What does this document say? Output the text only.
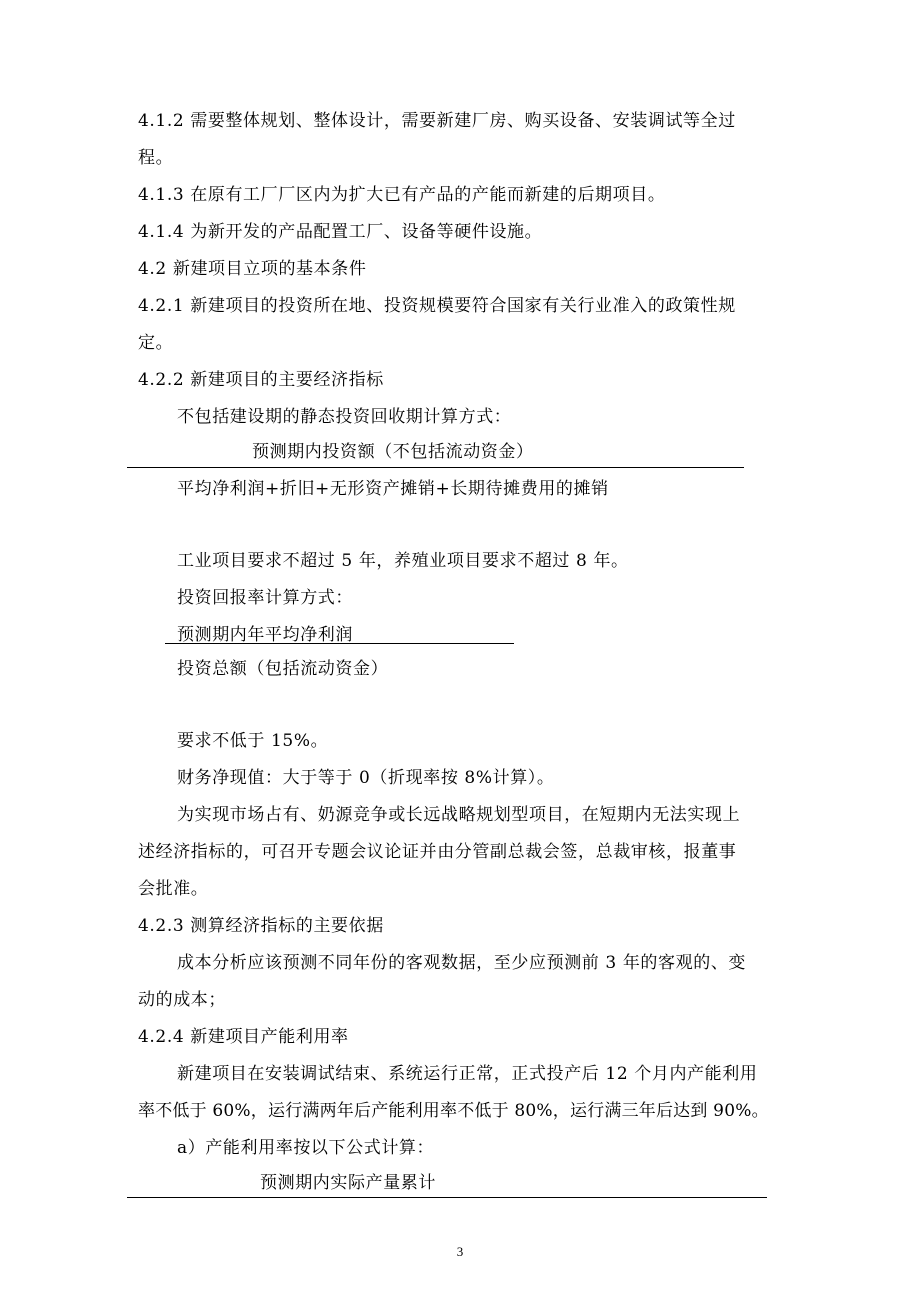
4.1.2 需要整体规划、整体设计，需要新建厂房、购买设备、安装调试等全过

程。

4.1.3 在原有工厂厂区内为扩大已有产品的产能而新建的后期项目。

4.1.4 为新开发的产品配置工厂、设备等硬件设施。

4.2 新建项目立项的基本条件

4.2.1 新建项目的投资所在地、投资规模要符合国家有关行业准入的政策性规

定。

4.2.2 新建项目的主要经济指标

不包括建设期的静态投资回收期计算方式：

预测期内投资额（不包括流动资金）

平均净利润+折旧+无形资产摊销+长期待摊费用的摊销

工业项目要求不超过 5 年，养殖业项目要求不超过 8 年。

投资回报率计算方式：

预测期内年平均净利润

投资总额（包括流动资金）

要求不低于 15%。

财务净现值：大于等于 0（折现率按 8%计算）。

为实现市场占有、奶源竞争或长远战略规划型项目，在短期内无法实现上

述经济指标的，可召开专题会议论证并由分管副总裁会签，总裁审核，报董事

会批准。

4.2.3 测算经济指标的主要依据

成本分析应该预测不同年份的客观数据，至少应预测前 3 年的客观的、变

动的成本；

4.2.4 新建项目产能利用率

新建项目在安装调试结束、系统运行正常，正式投产后 12 个月内产能利用

率不低于 60%，运行满两年后产能利用率不低于 80%，运行满三年后达到 90%。

a）产能利用率按以下公式计算：

预测期内实际产量累计

3
